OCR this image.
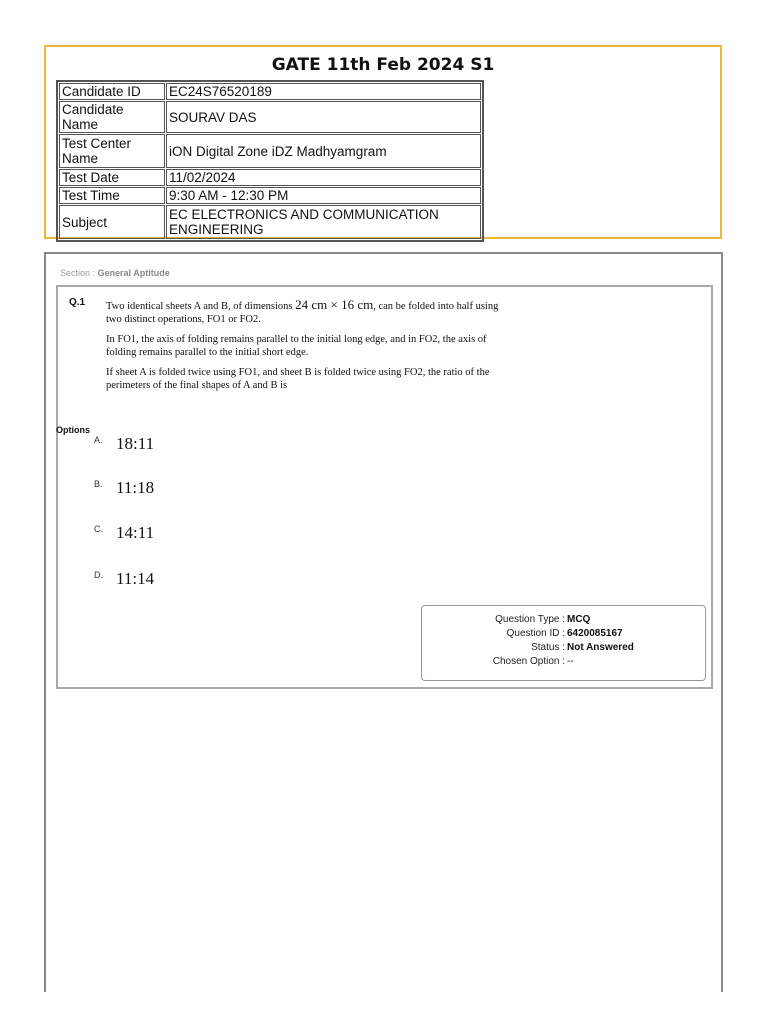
GATE 11th Feb 2024 S1
Candidate ID	EC24S76520189
Candidate Name	SOURAV DAS
Test Center Name	iON Digital Zone iDZ Madhyamgram
Test Date	11/02/2024
Test Time	9:30 AM - 12:30 PM
Subject	EC ELECTRONICS AND COMMUNICATION ENGINEERING
Section : General Aptitude
Q.1 Two identical sheets A and B, of dimensions 24 cm × 16 cm, can be folded into half using two distinct operations, FO1 or FO2.

In FO1, the axis of folding remains parallel to the initial long edge, and in FO2, the axis of folding remains parallel to the initial short edge.

If sheet A is folded twice using FO1, and sheet B is folded twice using FO2, the ratio of the perimeters of the final shapes of A and B is

Options
A. 18:11
B. 11:18
C. 14:11
D. 11:14
Question Type : MCQ
Question ID : 6420085167
Status : Not Answered
Chosen Option : --
